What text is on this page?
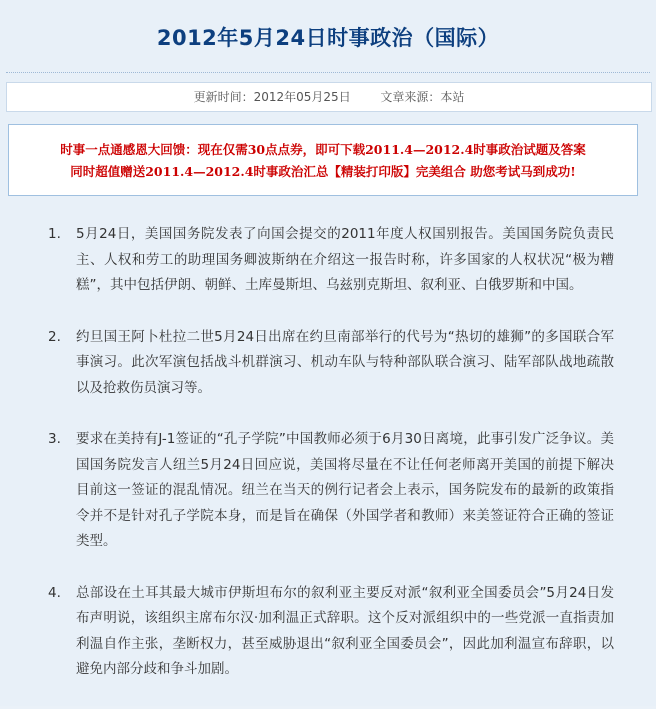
2012年5月24日时事政治（国际）
更新时间：2012年05月25日 文章来源：本站
时事一点通感恩大回馈：现在仅需30点点券，即可下载2011.4—2012.4时事政治试题及答案
同时超值赠送2011.4—2012.4时事政治汇总【精装打印版】完美组合 助您考试马到成功!
1.	5月24日，美国国务院发表了向国会提交的2011年度人权国别报告。美国国务院负责民主、人权和劳工的助理国务卿波斯纳在介绍这一报告时称，许多国家的人权状况“极为糟糕”，其中包括伊朗、朝鲜、土库曼斯坦、乌兹别克斯坦、叙利亚、白俄罗斯和中国。
2.	约旦国王阿卜杜拉二世5月24日出席在约旦南部举行的代号为“热切的雄狮”的多国联合军事演习。此次军演包括战斗机群演习、机动车队与特种部队联合演习、陆军部队战地疏散以及抢救伤员演习等。
3.	要求在美持有J-1签证的“孔子学院”中国教师必须于6月30日离境，此事引发广泛争议。美国国务院发言人纽兰5月24日回应说，美国将尽量在不让任何老师离开美国的前提下解决目前这一签证的混乱情况。纽兰在当天的例行记者会上表示，国务院发布的最新的政策指令并不是针对孔子学院本身，而是旨在确保（外国学者和教师）来美签证符合正确的签证类型。
4.	总部设在土耳其最大城市伊斯坦布尔的叙利亚主要反对派“叙利亚全国委员会”5月24日发布声明说，该组织主席布尔汉·加利温正式辞职。这个反对派组织中的一些党派一直指责加利温自作主张，垄断权力，甚至威胁退出“叙利亚全国委员会”，因此加利温宣布辞职，以避免内部分歧和争斗加剧。
